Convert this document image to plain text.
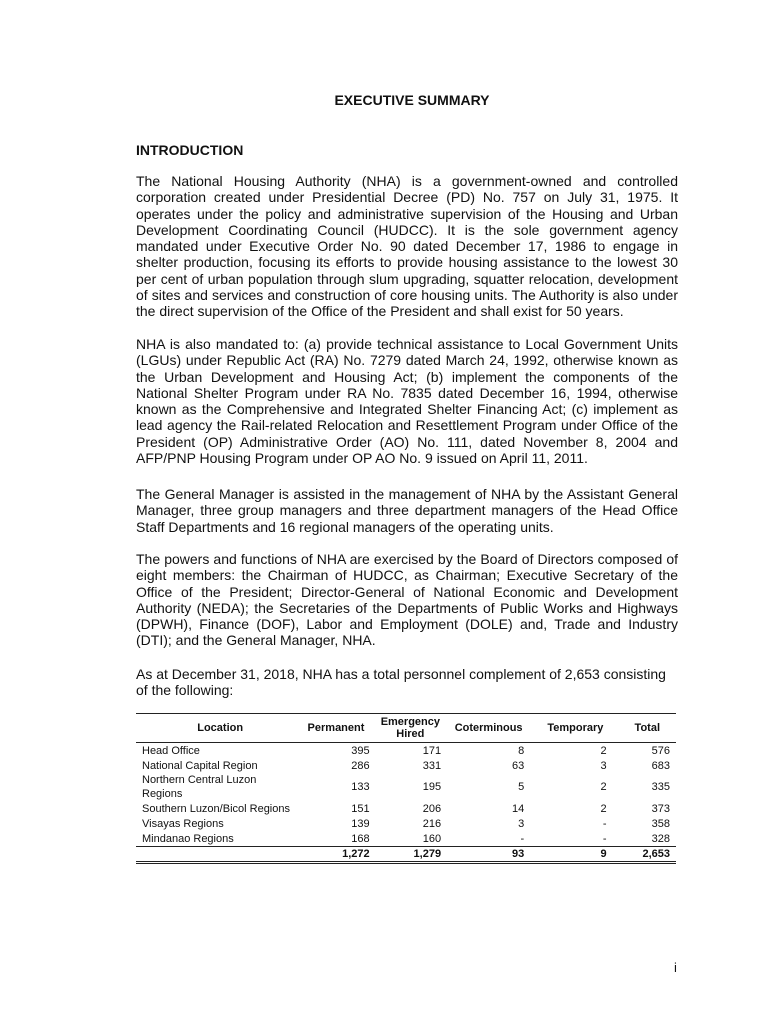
EXECUTIVE SUMMARY
INTRODUCTION

The National Housing Authority (NHA) is a government-owned and controlled corporation created under Presidential Decree (PD) No. 757 on July 31, 1975. It operates under the policy and administrative supervision of the Housing and Urban Development Coordinating Council (HUDCC). It is the sole government agency mandated under Executive Order No. 90 dated December 17, 1986 to engage in shelter production, focusing its efforts to provide housing assistance to the lowest 30 per cent of urban population through slum upgrading, squatter relocation, development of sites and services and construction of core housing units. The Authority is also under the direct supervision of the Office of the President and shall exist for 50 years.

NHA is also mandated to: (a) provide technical assistance to Local Government Units (LGUs) under Republic Act (RA) No. 7279 dated March 24, 1992, otherwise known as the Urban Development and Housing Act; (b) implement the components of the National Shelter Program under RA No. 7835 dated December 16, 1994, otherwise known as the Comprehensive and Integrated Shelter Financing Act; (c) implement as lead agency the Rail-related Relocation and Resettlement Program under Office of the President (OP) Administrative Order (AO) No. 111, dated November 8, 2004 and AFP/PNP Housing Program under OP AO No. 9 issued on April 11, 2011.

The General Manager is assisted in the management of NHA by the Assistant General Manager, three group managers and three department managers of the Head Office Staff Departments and 16 regional managers of the operating units.

The powers and functions of NHA are exercised by the Board of Directors composed of eight members: the Chairman of HUDCC, as Chairman; Executive Secretary of the Office of the President; Director-General of National Economic and Development Authority (NEDA); the Secretaries of the Departments of Public Works and Highways (DPWH), Finance (DOF), Labor and Employment (DOLE) and, Trade and Industry (DTI); and the General Manager, NHA.

As at December 31, 2018, NHA has a total personnel complement of 2,653 consisting of the following:

Location	Permanent	Emergency Hired	Coterminous	Temporary	Total
Head Office	395	171	8	2	576
National Capital Region	286	331	63	3	683
Northern Central Luzon Regions	133	195	5	2	335
Southern Luzon/Bicol Regions	151	206	14	2	373
Visayas Regions	139	216	3	-	358
Mindanao Regions	168	160	-	-	328
	1,272	1,279	93	9	2,653
i
